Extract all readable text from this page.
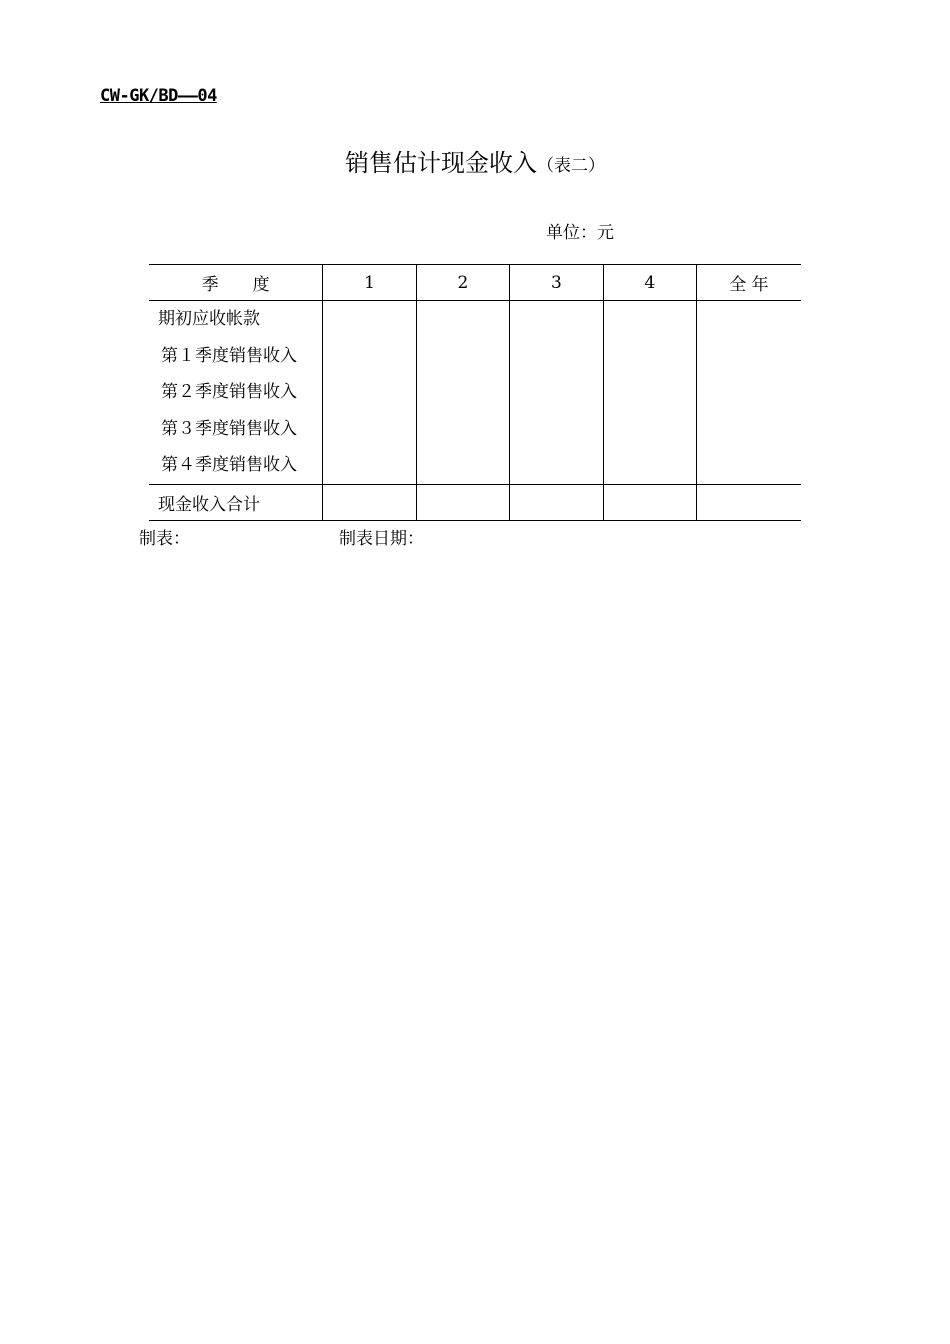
CW-GK/BD——04
销售估计现金收入（表二）
单位：元
季　　度	1	2	3	4	全 年

期初应收帐款
第１季度销售收入
第２季度销售收入
第３季度销售收入
第４季度销售收入					

现金收入合计					
制表：	制表日期：
